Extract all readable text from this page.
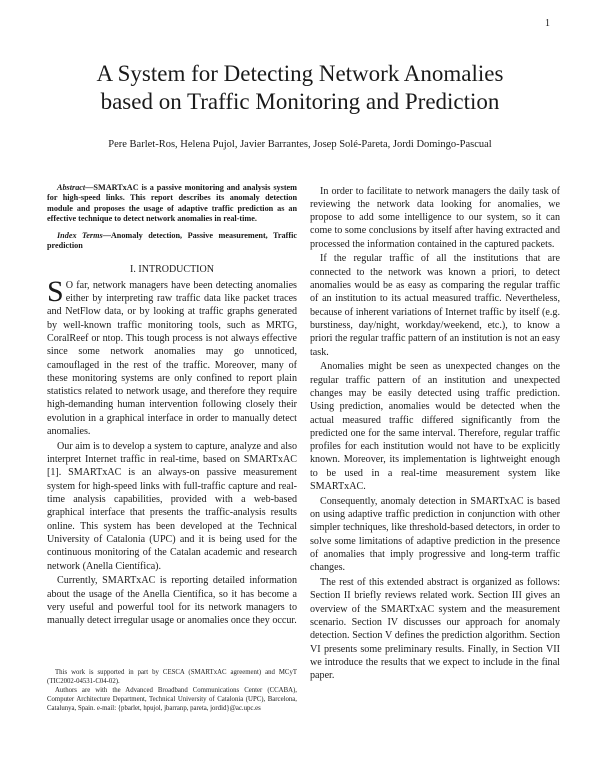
1
A System for Detecting Network Anomalies
based on Traffic Monitoring and Prediction
Pere Barlet-Ros, Helena Pujol, Javier Barrantes, Josep Solé-Pareta, Jordi Domingo-Pascual

Abstract—SMARTxAC is a passive monitoring and analysis system for high-speed links. This report describes its anomaly detection module and proposes the usage of adaptive traffic prediction as an effective technique to detect network anomalies in real-time.

Index Terms—Anomaly detection, Passive measurement, Traffic prediction

I. INTRODUCTION

S O far, network managers have been detecting anomalies either by interpreting raw traffic data like packet traces and NetFlow data, or by looking at traffic graphs generated by well-known traffic monitoring tools, such as MRTG, CoralReef or ntop. This tough process is not always effective since some network anomalies may go unnoticed, camouflaged in the rest of the traffic. Moreover, many of these monitoring systems are only confined to report plain statistics related to network usage, and therefore they require high-demanding human intervention following closely their evolution in a graphical interface in order to manually detect anomalies.

Our aim is to develop a system to capture, analyze and also interpret Internet traffic in real-time, based on SMARTxAC [1]. SMARTxAC is an always-on passive measurement system for high-speed links with full-traffic capture and real-time analysis capabilities, provided with a web-based graphical interface that presents the traffic-analysis results online. This system has been developed at the Technical University of Catalonia (UPC) and it is being used for the continuous monitoring of the Catalan academic and research network (Anella Científica).

Currently, SMARTxAC is reporting detailed information about the usage of the Anella Científica, so it has become a very useful and powerful tool for its network managers to manually detect irregular usage or anomalies once they occur.

In order to facilitate to network managers the daily task of reviewing the network data looking for anomalies, we propose to add some intelligence to our system, so it can come to some conclusions by itself after having extracted and processed the information contained in the captured packets.

If the regular traffic of all the institutions that are connected to the network was known a priori, to detect anomalies would be as easy as comparing the regular traffic of an institution to its actual measured traffic. Nevertheless, because of inherent variations of Internet traffic by itself (e.g. burstiness, day/night, workday/weekend, etc.), to know a priori the regular traffic pattern of an institution is not an easy task.

Anomalies might be seen as unexpected changes on the regular traffic pattern of an institution and unexpected changes may be easily detected using traffic prediction. Using prediction, anomalies would be detected when the actual measured traffic differed significantly from the predicted one for the same interval. Therefore, regular traffic profiles for each institution would not have to be explicitly known. Moreover, its implementation is lightweight enough to be used in a real-time measurement system like SMARTxAC.

Consequently, anomaly detection in SMARTxAC is based on using adaptive traffic prediction in conjunction with other simpler techniques, like threshold-based detectors, in order to solve some limitations of adaptive prediction in the presence of anomalies that imply progressive and long-term traffic changes.

The rest of this extended abstract is organized as follows: Section II briefly reviews related work. Section III gives an overview of the SMARTxAC system and the measurement scenario. Section IV discusses our approach for anomaly detection. Section V defines the prediction algorithm. Section VI presents some preliminary results. Finally, in Section VII we introduce the results that we expect to include in the final paper.

This work is supported in part by CESCA (SMARTxAC agreement) and MCyT (TIC2002-04531-C04-02).

Authors are with the Advanced Broadband Communications Center (CCABA), Computer Architecture Department, Technical University of Catalonia (UPC), Barcelona, Catalunya, Spain. e-mail: {pbarlet, hpujol, jbarranp, pareta, jordid}@ac.upc.es
